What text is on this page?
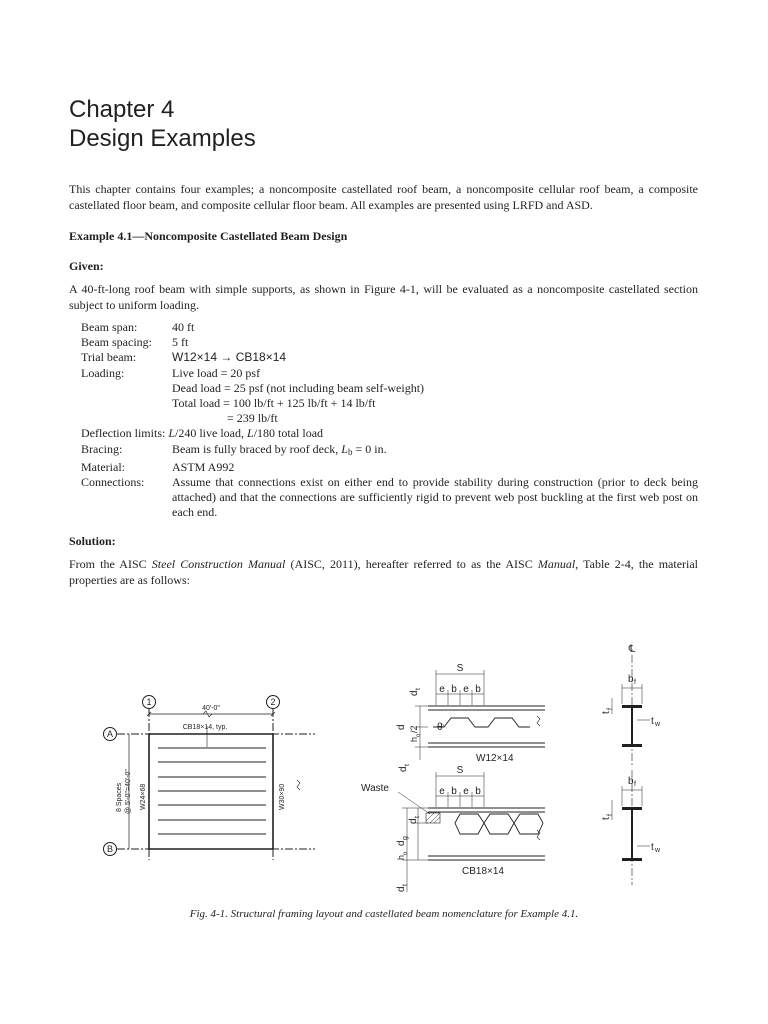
Chapter 4
Design Examples
This chapter contains four examples; a noncomposite castellated roof beam, a noncomposite cellular roof beam, a composite castellated floor beam, and composite cellular floor beam. All examples are presented using LRFD and ASD.
Example 4.1—Noncomposite Castellated Beam Design
Given:
A 40-ft-long roof beam with simple supports, as shown in Figure 4-1, will be evaluated as a noncomposite castellated section subject to uniform loading.
Beam span:	40 ft
Beam spacing:	5 ft
Trial beam:	W12×14 → CB18×14
Loading:	Live load = 20 psf
Dead load = 25 psf (not including beam self-weight)
Total load = 100 lb/ft + 125 lb/ft + 14 lb/ft
= 239 lb/ft
Deflection limits: L/240 live load, L/180 total load
Bracing:	Beam is fully braced by roof deck, $L_b = 0$ in.
Material:	ASTM A992
Connections:	Assume that connections exist on either end to provide stability during construction (prior to deck being attached) and that the connections are sufficiently rigid to prevent web post buckling at the first web post on each end.
Solution:
From the AISC Steel Construction Manual (AISC, 2011), hereafter referred to as the AISC Manual, Table 2-4, the material properties are as follows:
1	2
A
B
40'-0"
CB18×14, typ.
8 Spaces @ 5'-0"=40'-0" W24×68	W30×90
S
e b e b
d
t
d
h
o
/2 θ
d
t
W12×14
Waste
S
e b e b
d
g
d
t
h
o
d
t
CB18×14
℄
b f
t
f
t w
b f
t
f
t w
Fig. 4-1. Structural framing layout and castellated beam nomenclature for Example 4.1.
